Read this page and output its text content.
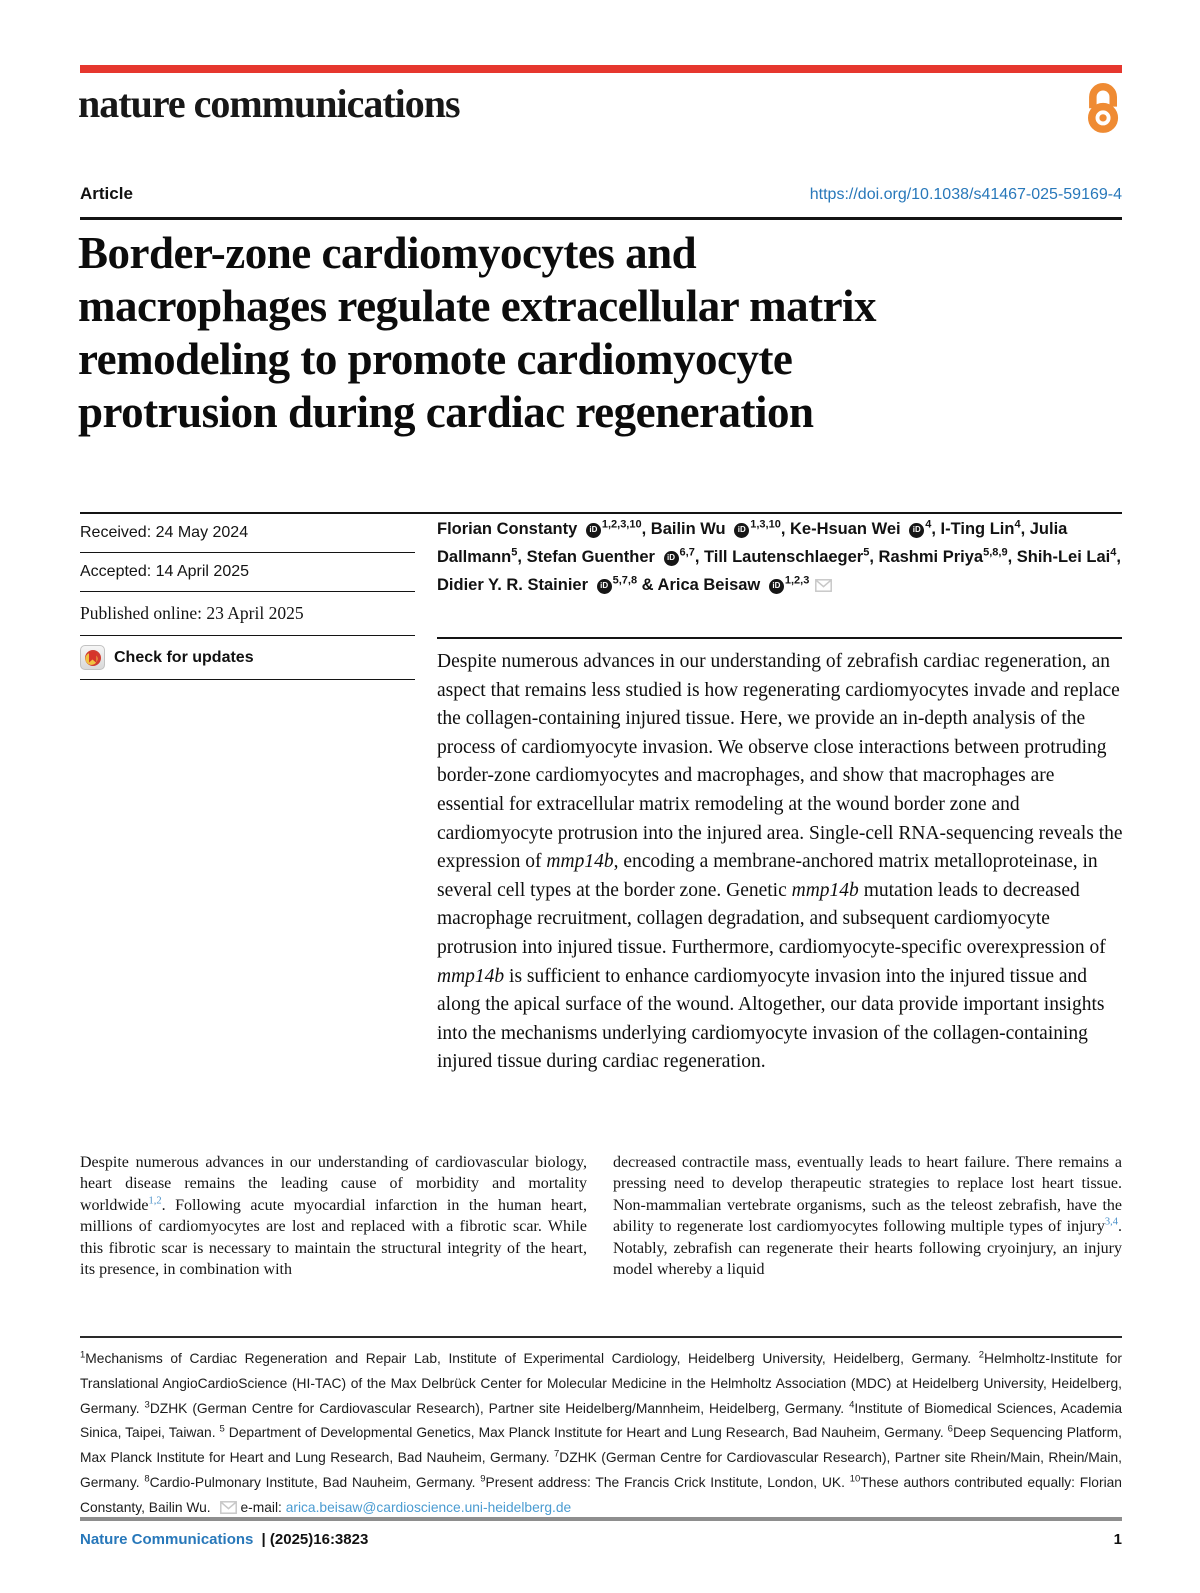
nature communications
Article	https://doi.org/10.1038/s41467-025-59169-4
Border-zone cardiomyocytes and
macrophages regulate extracellular matrix
remodeling to promote cardiomyocyte
protrusion during cardiac regeneration
Received: 24 May 2024
Accepted: 14 April 2025
Published online: 23 April 2025
Check for updates
Florian Constanty iD $^{1,2,3,10}$, Bailin Wu iD $^{1,3,10}$, Ke-Hsuan Wei iD $^4$, I-Ting Lin$^4$, Julia Dallmann$^5$, Stefan Guenther iD $^{6,7}$, Till Lautenschlaeger$^5$, Rashmi Priya$^{5,8,9}$, Shih-Lei Lai$^4$, Didier Y. R. Stainier iD $^{5,7,8}$ & Arica Beisaw iD $^{1,2,3}$
Despite numerous advances in our understanding of zebrafish cardiac regeneration, an aspect that remains less studied is how regenerating cardiomyocytes invade and replace the collagen-containing injured tissue. Here, we provide an in-depth analysis of the process of cardiomyocyte invasion. We observe close interactions between protruding border-zone cardiomyocytes and macrophages, and show that macrophages are essential for extracellular matrix remodeling at the wound border zone and cardiomyocyte protrusion into the injured area. Single-cell RNA-sequencing reveals the expression of mmp14b, encoding a membrane-anchored matrix metalloproteinase, in several cell types at the border zone. Genetic mmp14b mutation leads to decreased macrophage recruitment, collagen degradation, and subsequent cardiomyocyte protrusion into injured tissue. Furthermore, cardiomyocyte-specific overexpression of mmp14b is sufficient to enhance cardiomyocyte invasion into the injured tissue and along the apical surface of the wound. Altogether, our data provide important insights into the mechanisms underlying cardiomyocyte invasion of the collagen-containing injured tissue during cardiac regeneration.
Despite numerous advances in our understanding of cardiovascular biology, heart disease remains the leading cause of morbidity and mortality worldwide$^{1,2}$. Following acute myocardial infarction in the human heart, millions of cardiomyocytes are lost and replaced with a fibrotic scar. While this fibrotic scar is necessary to maintain the structural integrity of the heart, its presence, in combination with
decreased contractile mass, eventually leads to heart failure. There remains a pressing need to develop therapeutic strategies to replace lost heart tissue. Non-mammalian vertebrate organisms, such as the teleost zebrafish, have the ability to regenerate lost cardiomyocytes following multiple types of injury$^{3,4}$. Notably, zebrafish can regenerate their hearts following cryoinjury, an injury model whereby a liquid
$^1$Mechanisms of Cardiac Regeneration and Repair Lab, Institute of Experimental Cardiology, Heidelberg University, Heidelberg, Germany. $^2$Helmholtz-Institute for Translational AngioCardioScience (HI-TAC) of the Max Delbrück Center for Molecular Medicine in the Helmholtz Association (MDC) at Heidelberg University, Heidelberg, Germany. $^3$DZHK (German Centre for Cardiovascular Research), Partner site Heidelberg/Mannheim, Heidelberg, Germany. $^4$Institute of Biomedical Sciences, Academia Sinica, Taipei, Taiwan. $^5$ Department of Developmental Genetics, Max Planck Institute for Heart and Lung Research, Bad Nauheim, Germany. $^6$Deep Sequencing Platform, Max Planck Institute for Heart and Lung Research, Bad Nauheim, Germany. $^7$DZHK (German Centre for Cardiovascular Research), Partner site Rhein/Main, Rhein/Main, Germany. $^8$Cardio-Pulmonary Institute, Bad Nauheim, Germany. $^9$Present address: The Francis Crick Institute, London, UK. $^{10}$These authors contributed equally: Florian Constanty, Bailin Wu. e-mail: arica.beisaw@cardioscience.uni-heidelberg.de
Nature Communications | (2025)16:3823	1
